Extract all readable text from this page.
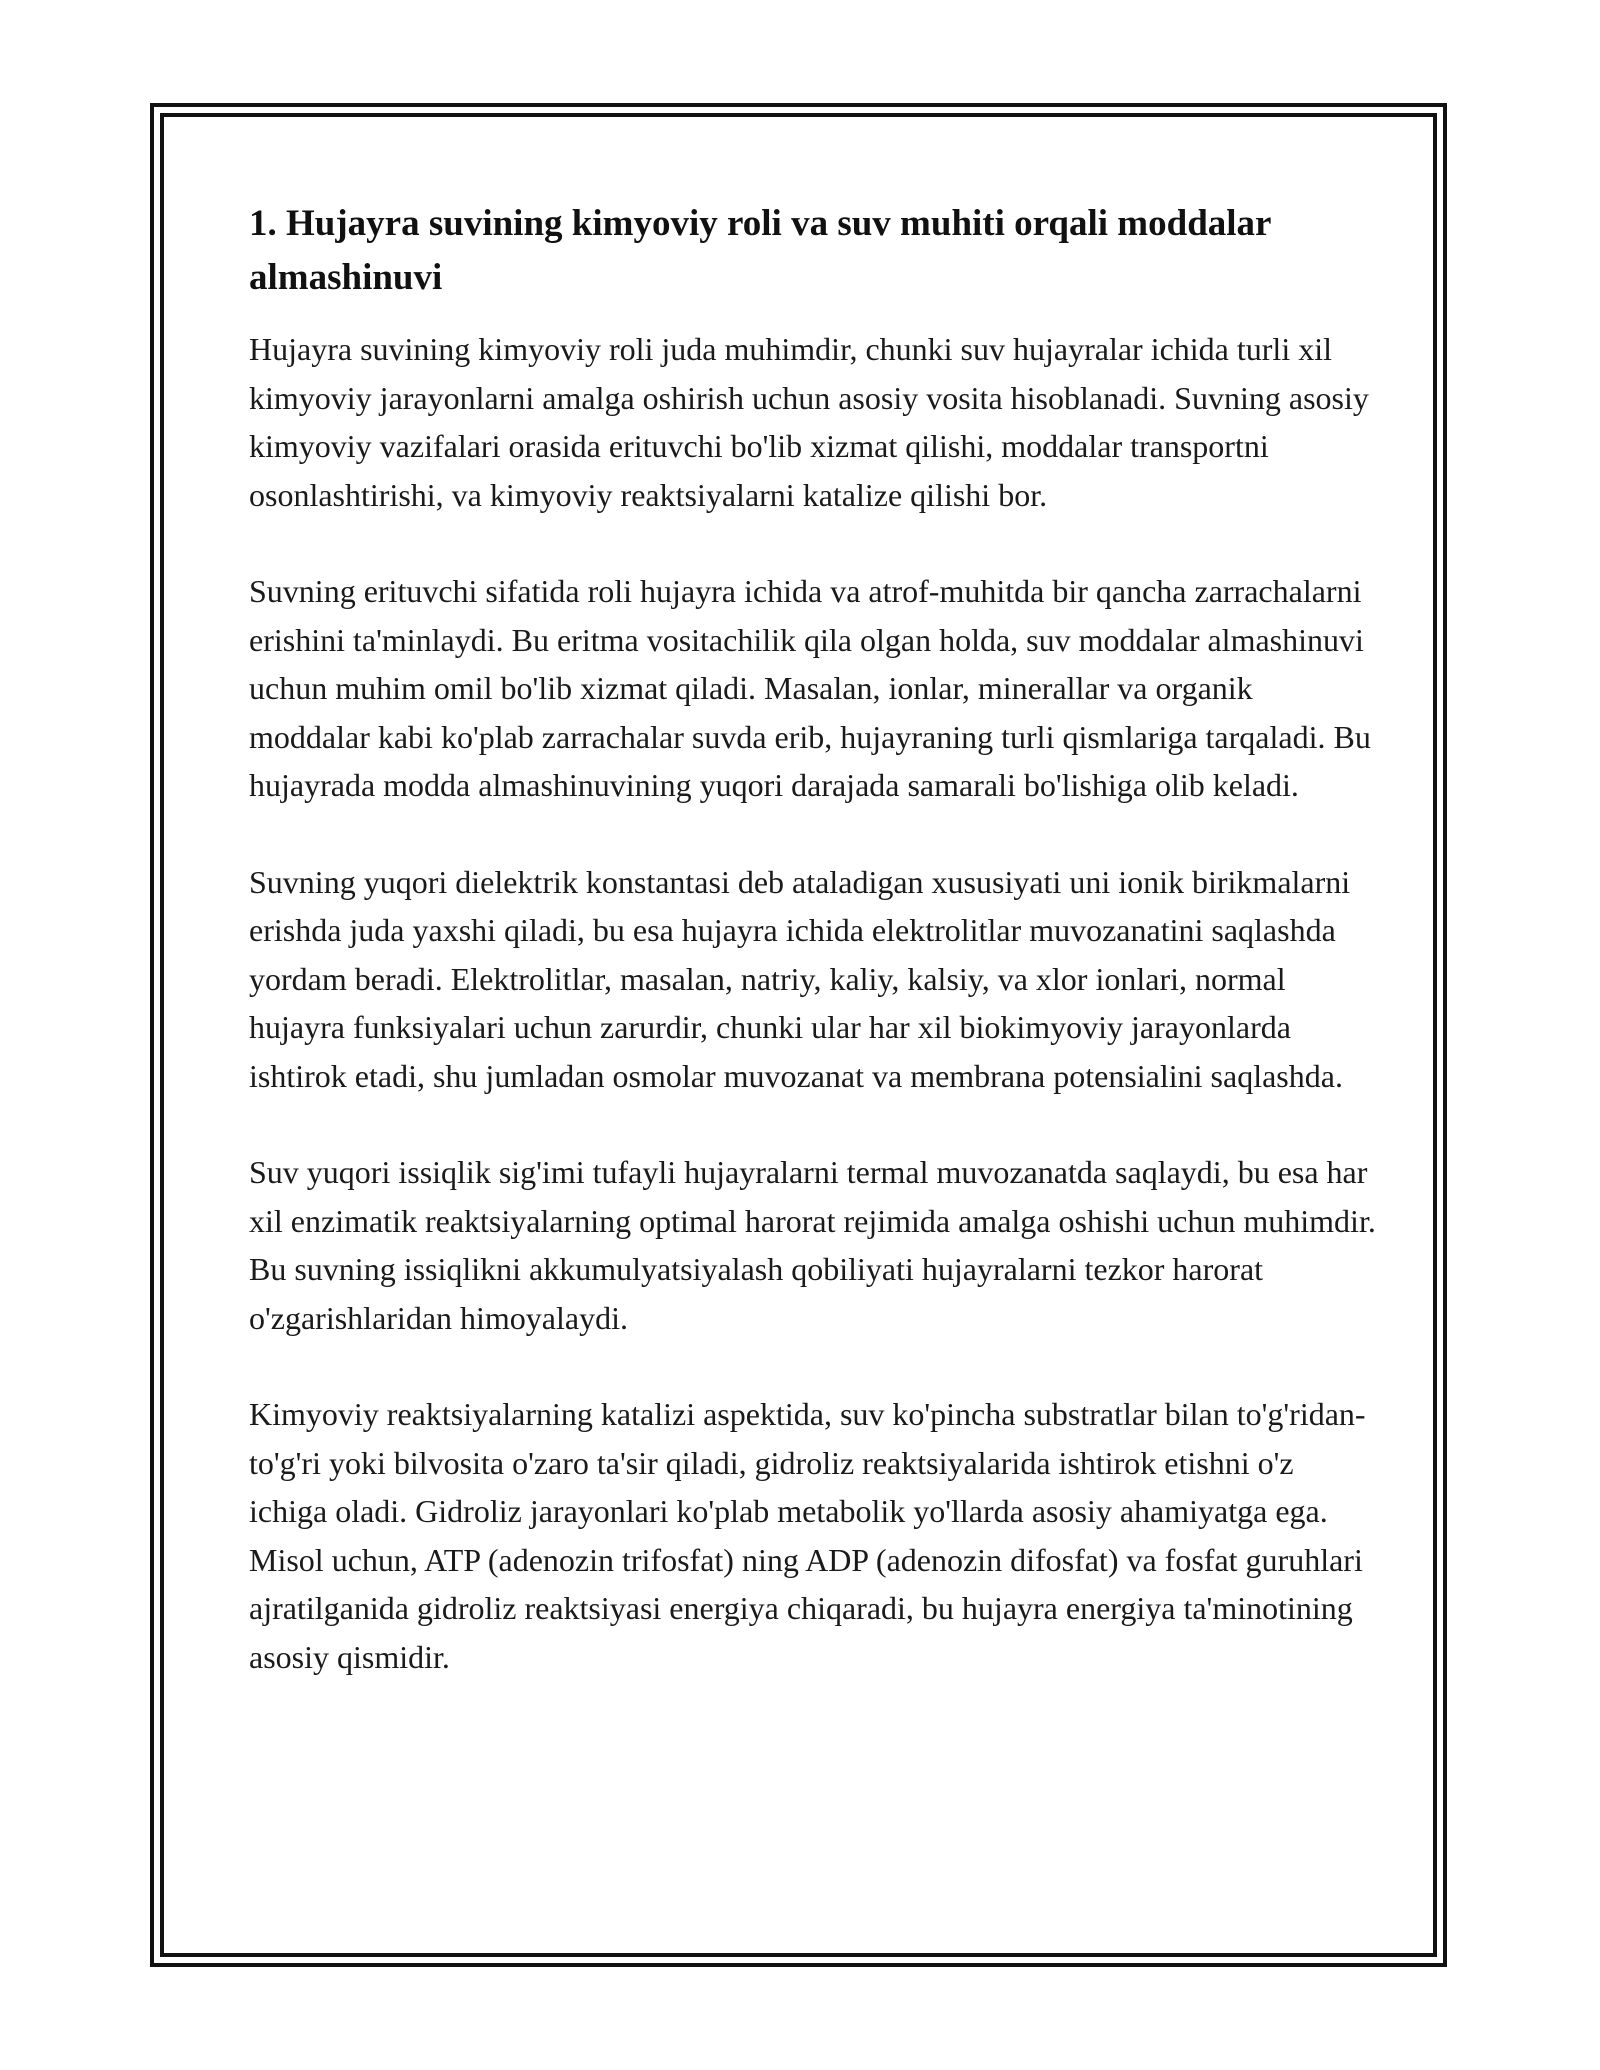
1. Hujayra suvining kimyoviy roli va suv muhiti orqali moddalar almashinuvi

Hujayra suvining kimyoviy roli juda muhimdir, chunki suv hujayralar ichida turli xil kimyoviy jarayonlarni amalga oshirish uchun asosiy vosita hisoblanadi. Suvning asosiy kimyoviy vazifalari orasida erituvchi bo'lib xizmat qilishi, moddalar transportni osonlashtirishi, va kimyoviy reaktsiyalarni katalize qilishi bor.

Suvning erituvchi sifatida roli hujayra ichida va atrof-muhitda bir qancha zarrachalarni erishini ta'minlaydi. Bu eritma vositachilik qila olgan holda, suv moddalar almashinuvi uchun muhim omil bo'lib xizmat qiladi. Masalan, ionlar, minerallar va organik moddalar kabi ko'plab zarrachalar suvda erib, hujayraning turli qismlariga tarqaladi. Bu hujayrada modda almashinuvining yuqori darajada samarali bo'lishiga olib keladi.

Suvning yuqori dielektrik konstantasi deb ataladigan xususiyati uni ionik birikmalarni erishda juda yaxshi qiladi, bu esa hujayra ichida elektrolitlar muvozanatini saqlashda yordam beradi. Elektrolitlar, masalan, natriy, kaliy, kalsiy, va xlor ionlari, normal hujayra funksiyalari uchun zarurdir, chunki ular har xil biokimyoviy jarayonlarda ishtirok etadi, shu jumladan osmolar muvozanat va membrana potensialini saqlashda.

Suv yuqori issiqlik sig'imi tufayli hujayralarni termal muvozanatda saqlaydi, bu esa har xil enzimatik reaktsiyalarning optimal harorat rejimida amalga oshishi uchun muhimdir. Bu suvning issiqlikni akkumulyatsiyalash qobiliyati hujayralarni tezkor harorat o'zgarishlaridan himoyalaydi.

Kimyoviy reaktsiyalarning katalizi aspektida, suv ko'pincha substratlar bilan to'g'ridan-to'g'ri yoki bilvosita o'zaro ta'sir qiladi, gidroliz reaktsiyalarida ishtirok etishni o'z ichiga oladi. Gidroliz jarayonlari ko'plab metabolik yo'llarda asosiy ahamiyatga ega. Misol uchun, ATP (adenozin trifosfat) ning ADP (adenozin difosfat) va fosfat guruhlari ajratilganida gidroliz reaktsiyasi energiya chiqaradi, bu hujayra energiya ta'minotining asosiy qismidir.
